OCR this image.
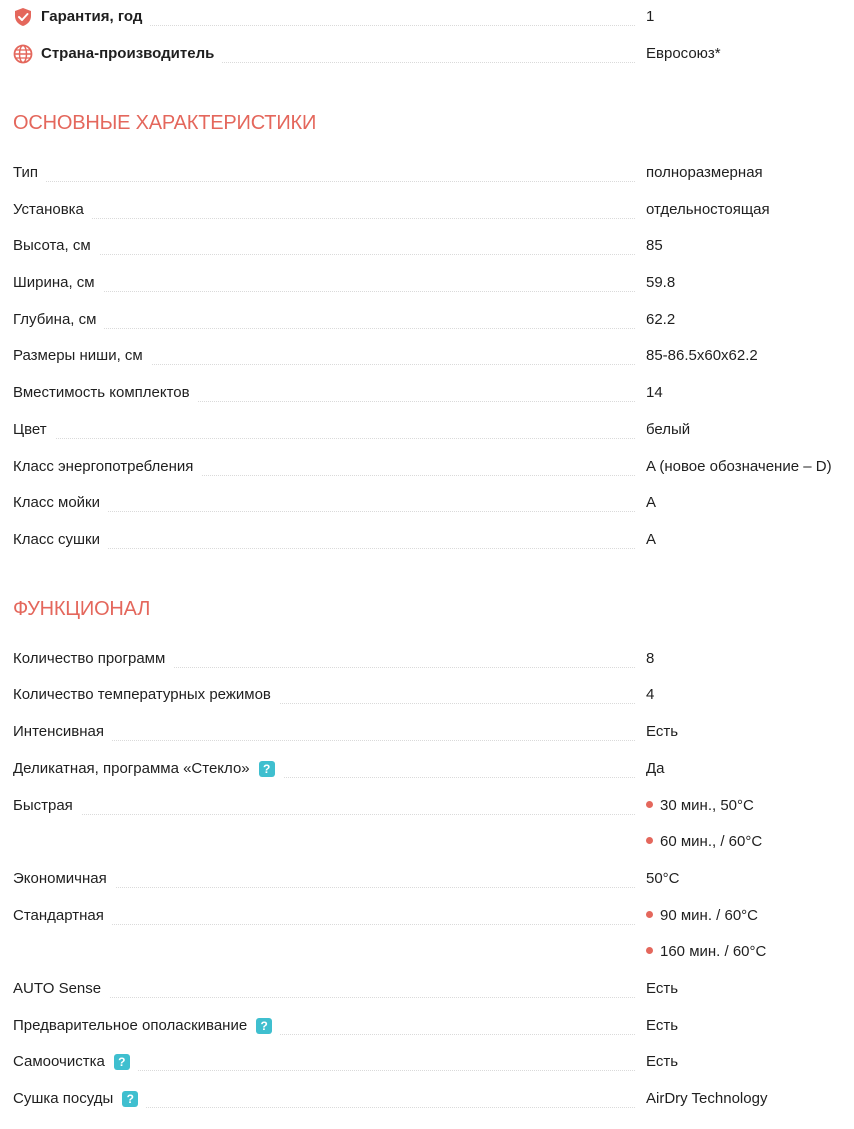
Гарантия, год	1
Страна-производитель	Евросоюз*
ОСНОВНЫЕ ХАРАКТЕРИСТИКИ
Тип	полноразмерная
Установка	отдельностоящая
Высота, см	85
Ширина, см	59.8
Глубина, см	62.2
Размеры ниши, см	85-86.5x60x62.2
Вместимость комплектов	14
Цвет	белый
Класс энергопотребления	A (новое обозначение – D)
Класс мойки	A
Класс сушки	A
ФУНКЦИОНАЛ
Количество программ	8
Количество температурных режимов	4
Интенсивная	Есть
Деликатная, программа «Стекло»	?	Да
Быстрая	30 мин., 50°C
60 мин., / 60°C
Экономичная	50°C
Стандартная	90 мин. / 60°C
160 мин. / 60°C
AUTO Sense	Есть
Предварительное ополаскивание	?	Есть
Самоочистка	?	Есть
Сушка посуды	?	AirDry Technology
